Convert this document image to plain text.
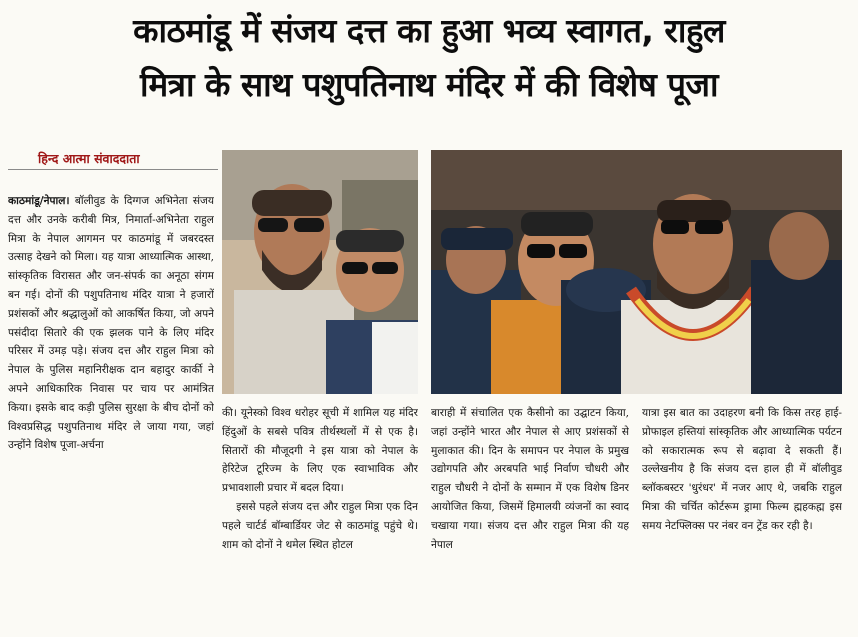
काठमांडू में संजय दत्त का हुआ भव्य स्वागत, राहुल
मित्रा के साथ पशुपतिनाथ मंदिर में की विशेष पूजा
हिन्द आत्मा संवाददाता
काठमांडू/नेपाल। बॉलीवुड के दिग्गज अभिनेता संजय दत्त और उनके करीबी मित्र, निमार्ता-अभिनेता राहुल मित्रा के नेपाल आगमन पर काठमांडू में जबरदस्त उत्साह देखने को मिला। यह यात्रा आध्यात्मिक आस्था, सांस्कृतिक विरासत और जन-संपर्क का अनूठा संगम बन गई। दोनों की पशुपतिनाथ मंदिर यात्रा ने हजारों प्रशंसकों और श्रद्धालुओं को आकर्षित किया, जो अपने पसंदीदा सितारे की एक झलक पाने के लिए मंदिर परिसर में उमड़ पड़े। संजय दत्त और राहुल मित्रा को नेपाल के पुलिस महानिरीक्षक दान बहादुर कार्की ने अपने आधिकारिक निवास पर चाय पर आमंत्रित किया। इसके बाद कड़ी पुलिस सुरक्षा के बीच दोनों को विश्वप्रसिद्ध पशुपतिनाथ मंदिर ले जाया गया, जहां उन्होंने विशेष पूजा-अर्चना
की। यूनेस्को विश्व धरोहर सूची में शामिल यह मंदिर हिंदुओं के सबसे पवित्र तीर्थस्थलों में से एक है। सितारों की मौजूदगी ने इस यात्रा को नेपाल के हेरिटेज टूरिज्म के लिए एक स्वाभाविक और प्रभावशाली प्रचार में बदल दिया।
इससे पहले संजय दत्त और राहुल मित्रा एक दिन पहले चार्टर्ड बॉम्बार्डियर जेट से काठमांडू पहुंचे थे। शाम को दोनों ने थमेल स्थित होटल
बाराही में संचालित एक कैसीनो का उद्घाटन किया, जहां उन्होंने भारत और नेपाल से आए प्रशंसकों से मुलाकात की। दिन के समापन पर नेपाल के प्रमुख उद्योगपति और अरबपति भाई निर्वाण चौधरी और राहुल चौधरी ने दोनों के सम्मान में एक विशेष डिनर आयोजित किया, जिसमें हिमालयी व्यंजनों का स्वाद चखाया गया। संजय दत्त और राहुल मित्रा की यह नेपाल
यात्रा इस बात का उदाहरण बनी कि किस तरह हाई-प्रोफाइल हस्तियां सांस्कृतिक और आध्यात्मिक पर्यटन को सकारात्मक रूप से बढ़ावा दे सकती हैं। उल्लेखनीय है कि संजय दत्त हाल ही में बॉलीवुड ब्लॉकबस्टर 'धुरंधर' में नजर आए थे, जबकि राहुल मित्रा की चर्चित कोर्टरूम ड्रामा फिल्म ह्महकह्म इस समय नेटफ्लिक्स पर नंबर वन ट्रेंड कर रही है।
